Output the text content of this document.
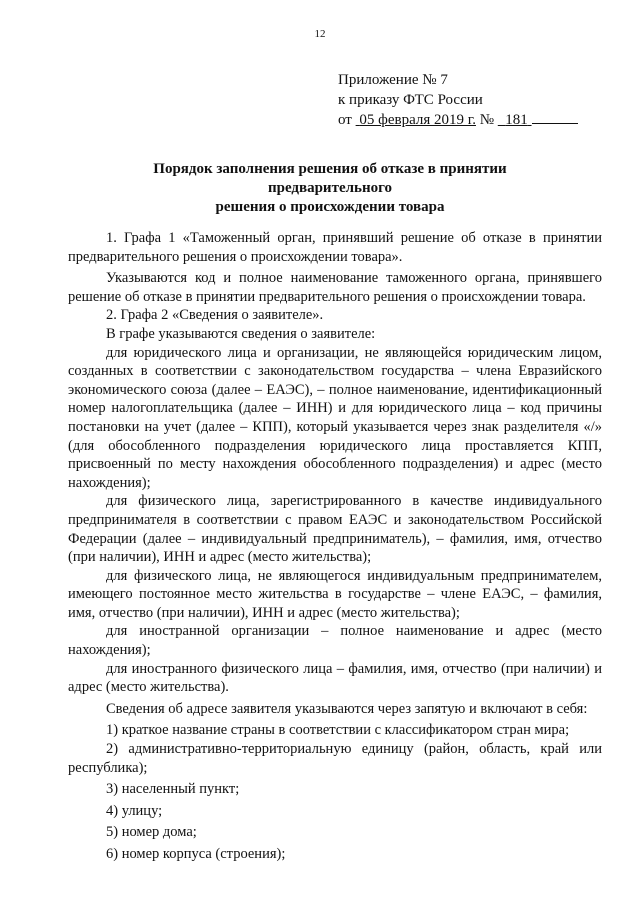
12
Приложение № 7
к приказу ФТС России
от 05 февраля 2019 г. № 181
Порядок заполнения решения об отказе в принятии предварительного
решения о происхождении товара

1. Графа 1 «Таможенный орган, принявший решение об отказе в принятии предварительного решения о происхождении товара».

Указываются код и полное наименование таможенного органа, принявшего решение об отказе в принятии предварительного решения о происхождении товара.

2. Графа 2 «Сведения о заявителе».

В графе указываются сведения о заявителе:

для юридического лица и организации, не являющейся юридическим лицом, созданных в соответствии с законодательством государства – члена Евразийского экономического союза (далее – ЕАЭС), – полное наименование, идентификационный номер налогоплательщика (далее – ИНН) и для юридического лица – код причины постановки на учет (далее – КПП), который указывается через знак разделителя «/» (для обособленного подразделения юридического лица проставляется КПП, присвоенный по месту нахождения обособленного подразделения) и адрес (место нахождения);

для физического лица, зарегистрированного в качестве индивидуального предпринимателя в соответствии с правом ЕАЭС и законодательством Российской Федерации (далее – индивидуальный предприниматель), – фамилия, имя, отчество (при наличии), ИНН и адрес (место жительства);

для физического лица, не являющегося индивидуальным предпринимателем, имеющего постоянное место жительства в государстве – члене ЕАЭС, – фамилия, имя, отчество (при наличии), ИНН и адрес (место жительства);

для иностранной организации – полное наименование и адрес (место нахождения);

для иностранного физического лица – фамилия, имя, отчество (при наличии) и адрес (место жительства).

Сведения об адресе заявителя указываются через запятую и включают в себя:

1) краткое название страны в соответствии с классификатором стран мира;

2) административно-территориальную единицу (район, область, край или республика);

3) населенный пункт;

4) улицу;

5) номер дома;

6) номер корпуса (строения);
